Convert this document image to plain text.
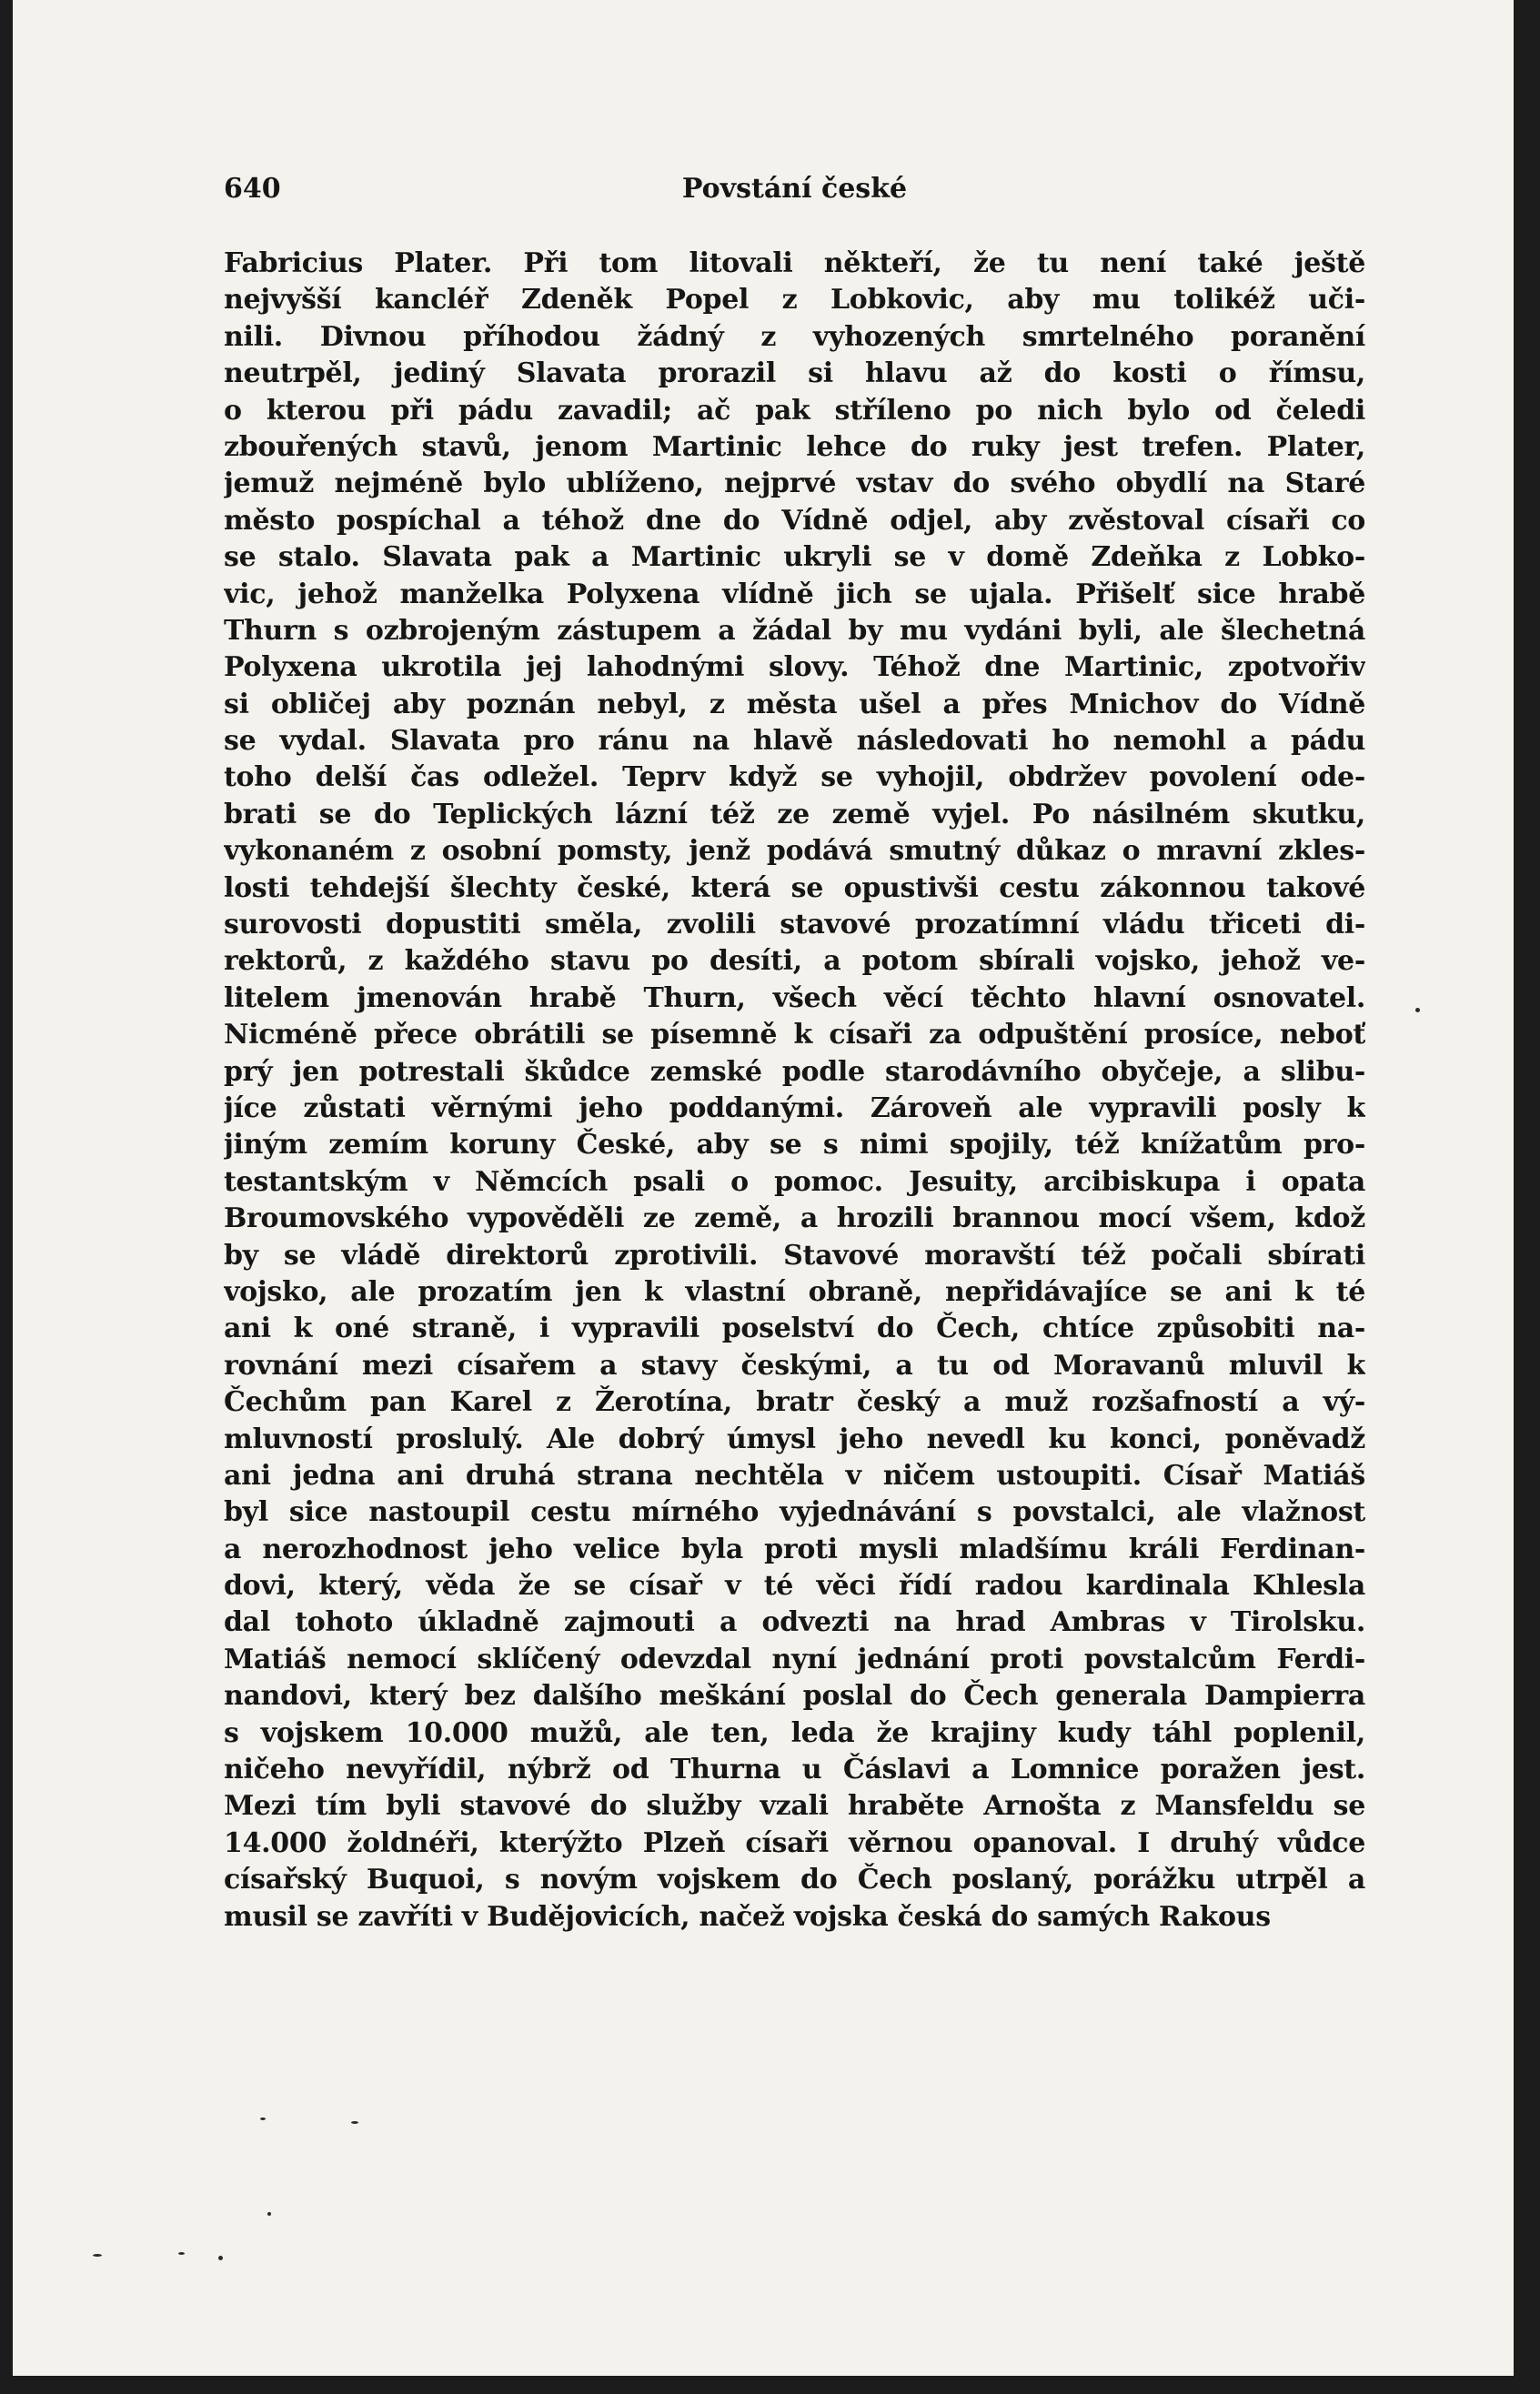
640	Povstání české
Fabricius Plater. Při tom litovali někteří, že tu není také ještě
nejvyšší kancléř Zdeněk Popel z Lobkovic, aby mu tolikéž uči-
nili. Divnou příhodou žádný z vyhozených smrtelného poranění
neutrpěl, jediný Slavata prorazil si hlavu až do kosti o římsu,
o kterou při pádu zavadil; ač pak stříleno po nich bylo od čeledi
zbouřených stavů, jenom Martinic lehce do ruky jest trefen. Plater,
jemuž nejméně bylo ublíženo, nejprvé vstav do svého obydlí na Staré
město pospíchal a téhož dne do Vídně odjel, aby zvěstoval císaři co
se stalo. Slavata pak a Martinic ukryli se v domě Zdeňka z Lobko-
vic, jehož manželka Polyxena vlídně jich se ujala. Přišelť sice hrabě
Thurn s ozbrojeným zástupem a žádal by mu vydáni byli, ale šlechetná
Polyxena ukrotila jej lahodnými slovy. Téhož dne Martinic, zpotvořiv
si obličej aby poznán nebyl, z města ušel a přes Mnichov do Vídně
se vydal. Slavata pro ránu na hlavě následovati ho nemohl a pádu
toho delší čas odležel. Teprv když se vyhojil, obdržev povolení ode-
brati se do Teplických lázní též ze země vyjel. Po násilném skutku,
vykonaném z osobní pomsty, jenž podává smutný důkaz o mravní zkles-
losti tehdejší šlechty české, která se opustivši cestu zákonnou takové
surovosti dopustiti směla, zvolili stavové prozatímní vládu třiceti di-
rektorů, z každého stavu po desíti, a potom sbírali vojsko, jehož ve-
litelem jmenován hrabě Thurn, všech věcí těchto hlavní osnovatel.
Nicméně přece obrátili se písemně k císaři za odpuštění prosíce, neboť
prý jen potrestali škůdce zemské podle starodávního obyčeje, a slibu-
jíce zůstati věrnými jeho poddanými. Zároveň ale vypravili posly k
jiným zemím koruny České, aby se s nimi spojily, též knížatům pro-
testantským v Němcích psali o pomoc. Jesuity, arcibiskupa i opata
Broumovského vypověděli ze země, a hrozili brannou mocí všem, kdož
by se vládě direktorů zprotivili. Stavové moravští též počali sbírati
vojsko, ale prozatím jen k vlastní obraně, nepřidávajíce se ani k té
ani k oné straně, i vypravili poselství do Čech, chtíce způsobiti na-
rovnání mezi císařem a stavy českými, a tu od Moravanů mluvil k
Čechům pan Karel z Žerotína, bratr český a muž rozšafností a vý-
mluvností proslulý. Ale dobrý úmysl jeho nevedl ku konci, poněvadž
ani jedna ani druhá strana nechtěla v ničem ustoupiti. Císař Matiáš
byl sice nastoupil cestu mírného vyjednávání s povstalci, ale vlažnost
a nerozhodnost jeho velice byla proti mysli mladšímu králi Ferdinan-
dovi, který, věda že se císař v té věci řídí radou kardinala Khlesla
dal tohoto úkladně zajmouti a odvezti na hrad Ambras v Tirolsku.
Matiáš nemocí sklíčený odevzdal nyní jednání proti povstalcům Ferdi-
nandovi, který bez dalšího meškání poslal do Čech generala Dampierra
s vojskem 10.000 mužů, ale ten, leda že krajiny kudy táhl poplenil,
ničeho nevyřídil, nýbrž od Thurna u Čáslavi a Lomnice poražen jest.
Mezi tím byli stavové do služby vzali hraběte Arnošta z Mansfeldu se
14.000 žoldnéři, kterýžto Plzeň císaři věrnou opanoval. I druhý vůdce
císařský Buquoi, s novým vojskem do Čech poslaný, porážku utrpěl a
musil se zavříti v Budějovicích, načež vojska česká do samých Rakous
